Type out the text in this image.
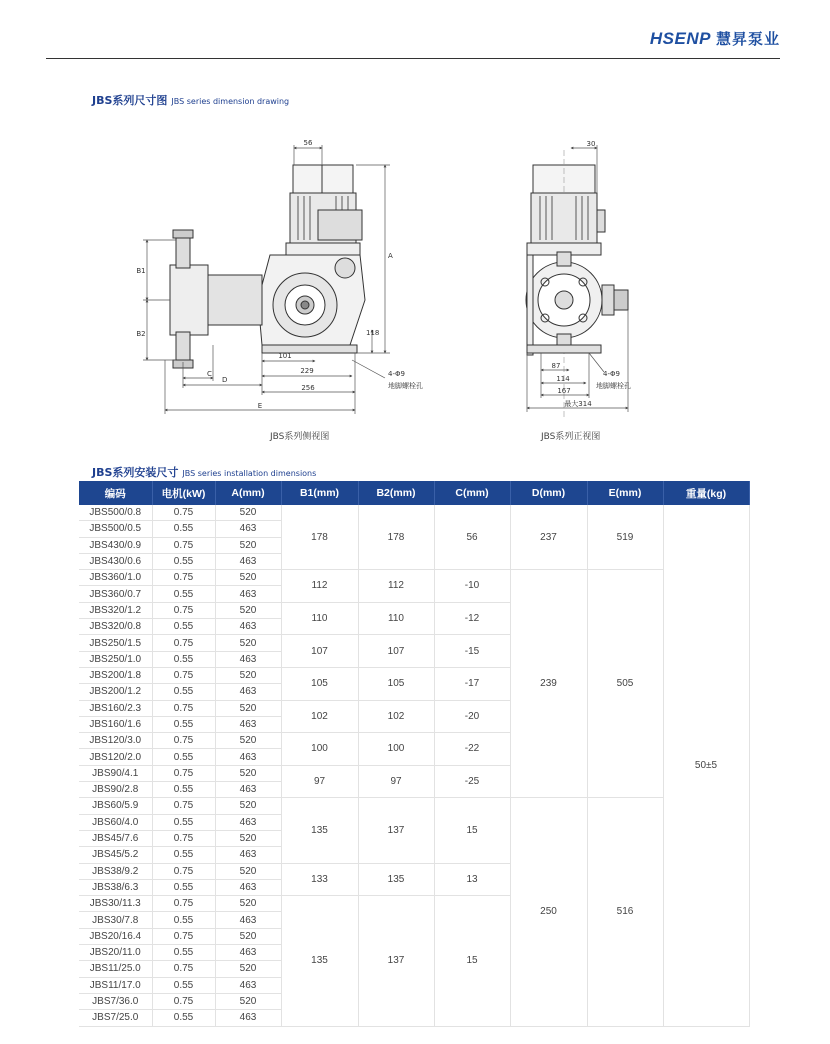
HSENP 慧昇泵业
JBS系列尺寸图 JBS series dimension drawing
56
A
B1
B2	118
101
229
256
C
D
E
4-Φ9
地脚螺栓孔
30
87
114
167
最大314
4-Φ9
地脚螺栓孔
JBS系列侧视图	JBS系列正视图
JBS系列安装尺寸 JBS series installation dimensions
编码	电机(kW)	A(mm)	B1(mm)	B2(mm)	C(mm)	D(mm)	E(mm)	重量(kg)
JBS500/0.8	0.75	520	178	178	56	237	519	50±5
JBS500/0.5	0.55	463						
JBS430/0.9	0.75	520						
JBS430/0.6	0.55	463						
JBS360/1.0	0.75	520	112	112	-10	239	505	
JBS360/0.7	0.55	463						
JBS320/1.2	0.75	520	110	110	-12			
JBS320/0.8	0.55	463						
JBS250/1.5	0.75	520	107	107	-15			
JBS250/1.0	0.55	463						
JBS200/1.8	0.75	520	105	105	-17			
JBS200/1.2	0.55	463						
JBS160/2.3	0.75	520	102	102	-20			
JBS160/1.6	0.55	463						
JBS120/3.0	0.75	520	100	100	-22			
JBS120/2.0	0.55	463						
JBS90/4.1	0.75	520	97	97	-25			
JBS90/2.8	0.55	463						
JBS60/5.9	0.75	520	135	137	15	250	516	
JBS60/4.0	0.55	463						
JBS45/7.6	0.75	520						
JBS45/5.2	0.55	463						
JBS38/9.2	0.75	520	133	135	13			
JBS38/6.3	0.55	463						
JBS30/11.3	0.75	520	135	137	15			
JBS30/7.8	0.55	463						
JBS20/16.4	0.75	520						
JBS20/11.0	0.55	463						
JBS11/25.0	0.75	520						
JBS11/17.0	0.55	463						
JBS7/36.0	0.75	520						
JBS7/25.0	0.55	463						
